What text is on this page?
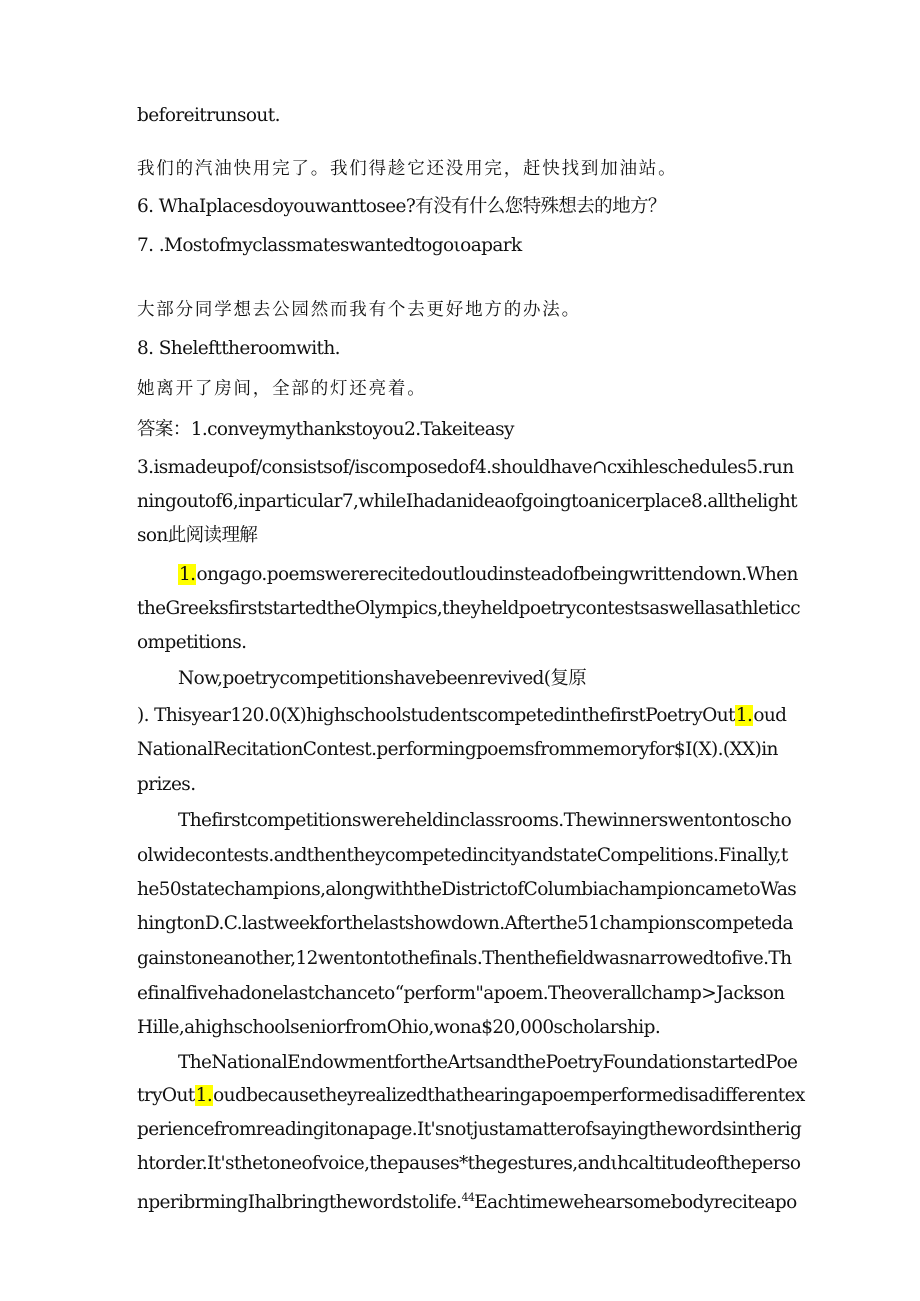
beforeitrunsout.
我们的汽油快用完了。我们得趁它还没用完，赶快找到加油站。
6. WhaIplacesdoyouwanttosee?有没有什么您特殊想去的地方？
7. .Mostofmyclassmateswantedtogoιoapark
大部分同学想去公园然而我有个去更好地方的办法。
8. Shelefttheroomwith.
她离开了房间，全部的灯还亮着。
答案：1.conveymythankstoyou2.Takeiteasy
3.ismadeupof/consistsof/iscomposedof4.shouldhave∩cxihleschedules5.run
ningoutof6,inparticular7,whileIhadanideaofgoingtoanicerplace8.allthelight
son此阅读理解
1.ongago.poemswererecitedoutloudinsteadofbeingwrittendown.When
theGreeksfirststartedtheOlympics,theyheldpoetrycontestsaswellasathleticc
ompetitions.
Now,poetrycompetitionshavebeenrevived(复原
). Thisyear120.0(X)highschoolstudentscompetedinthefirstPoetryOut1.oud
NationalRecitationContest.performingpoemsfrommemoryfor$I(X).(XX)in
prizes.
Thefirstcompetitionswereheldinclassrooms.Thewinnerswentontoscho
olwidecontests.andthentheycompetedincityandstateCompelitions.Finally,t
he50statechampions,alongwiththeDistrictofColumbiachampioncametoWas
hingtonD.C.lastweekforthelastshowdown.Afterthe51championscompeteda
gainstoneanother,12wentontothefinals.Thenthefieldwasnarrowedtofive.Th
efinalfivehadonelastchanceto“perform"apoem.Theoverallchamp>Jackson
Hille,ahighschoolseniorfromOhio,wona$20,000scholarship.
TheNationalEndowmentfortheArtsandthePoetryFoundationstartedPoe
tryOut1.oudbecausetheyrealizedthathearingapoemperformedisadifferentex
periencefromreadingitonapage.It'snotjustamatterofsayingthewordsintherig
htorder.It'sthetoneofvoice,thepauses*thegestures,andιhcaltitudeoftheperso
nperibrmingIhalbringthewordstolife.$^{44}$Eachtimewehearsomebodyreciteapo
